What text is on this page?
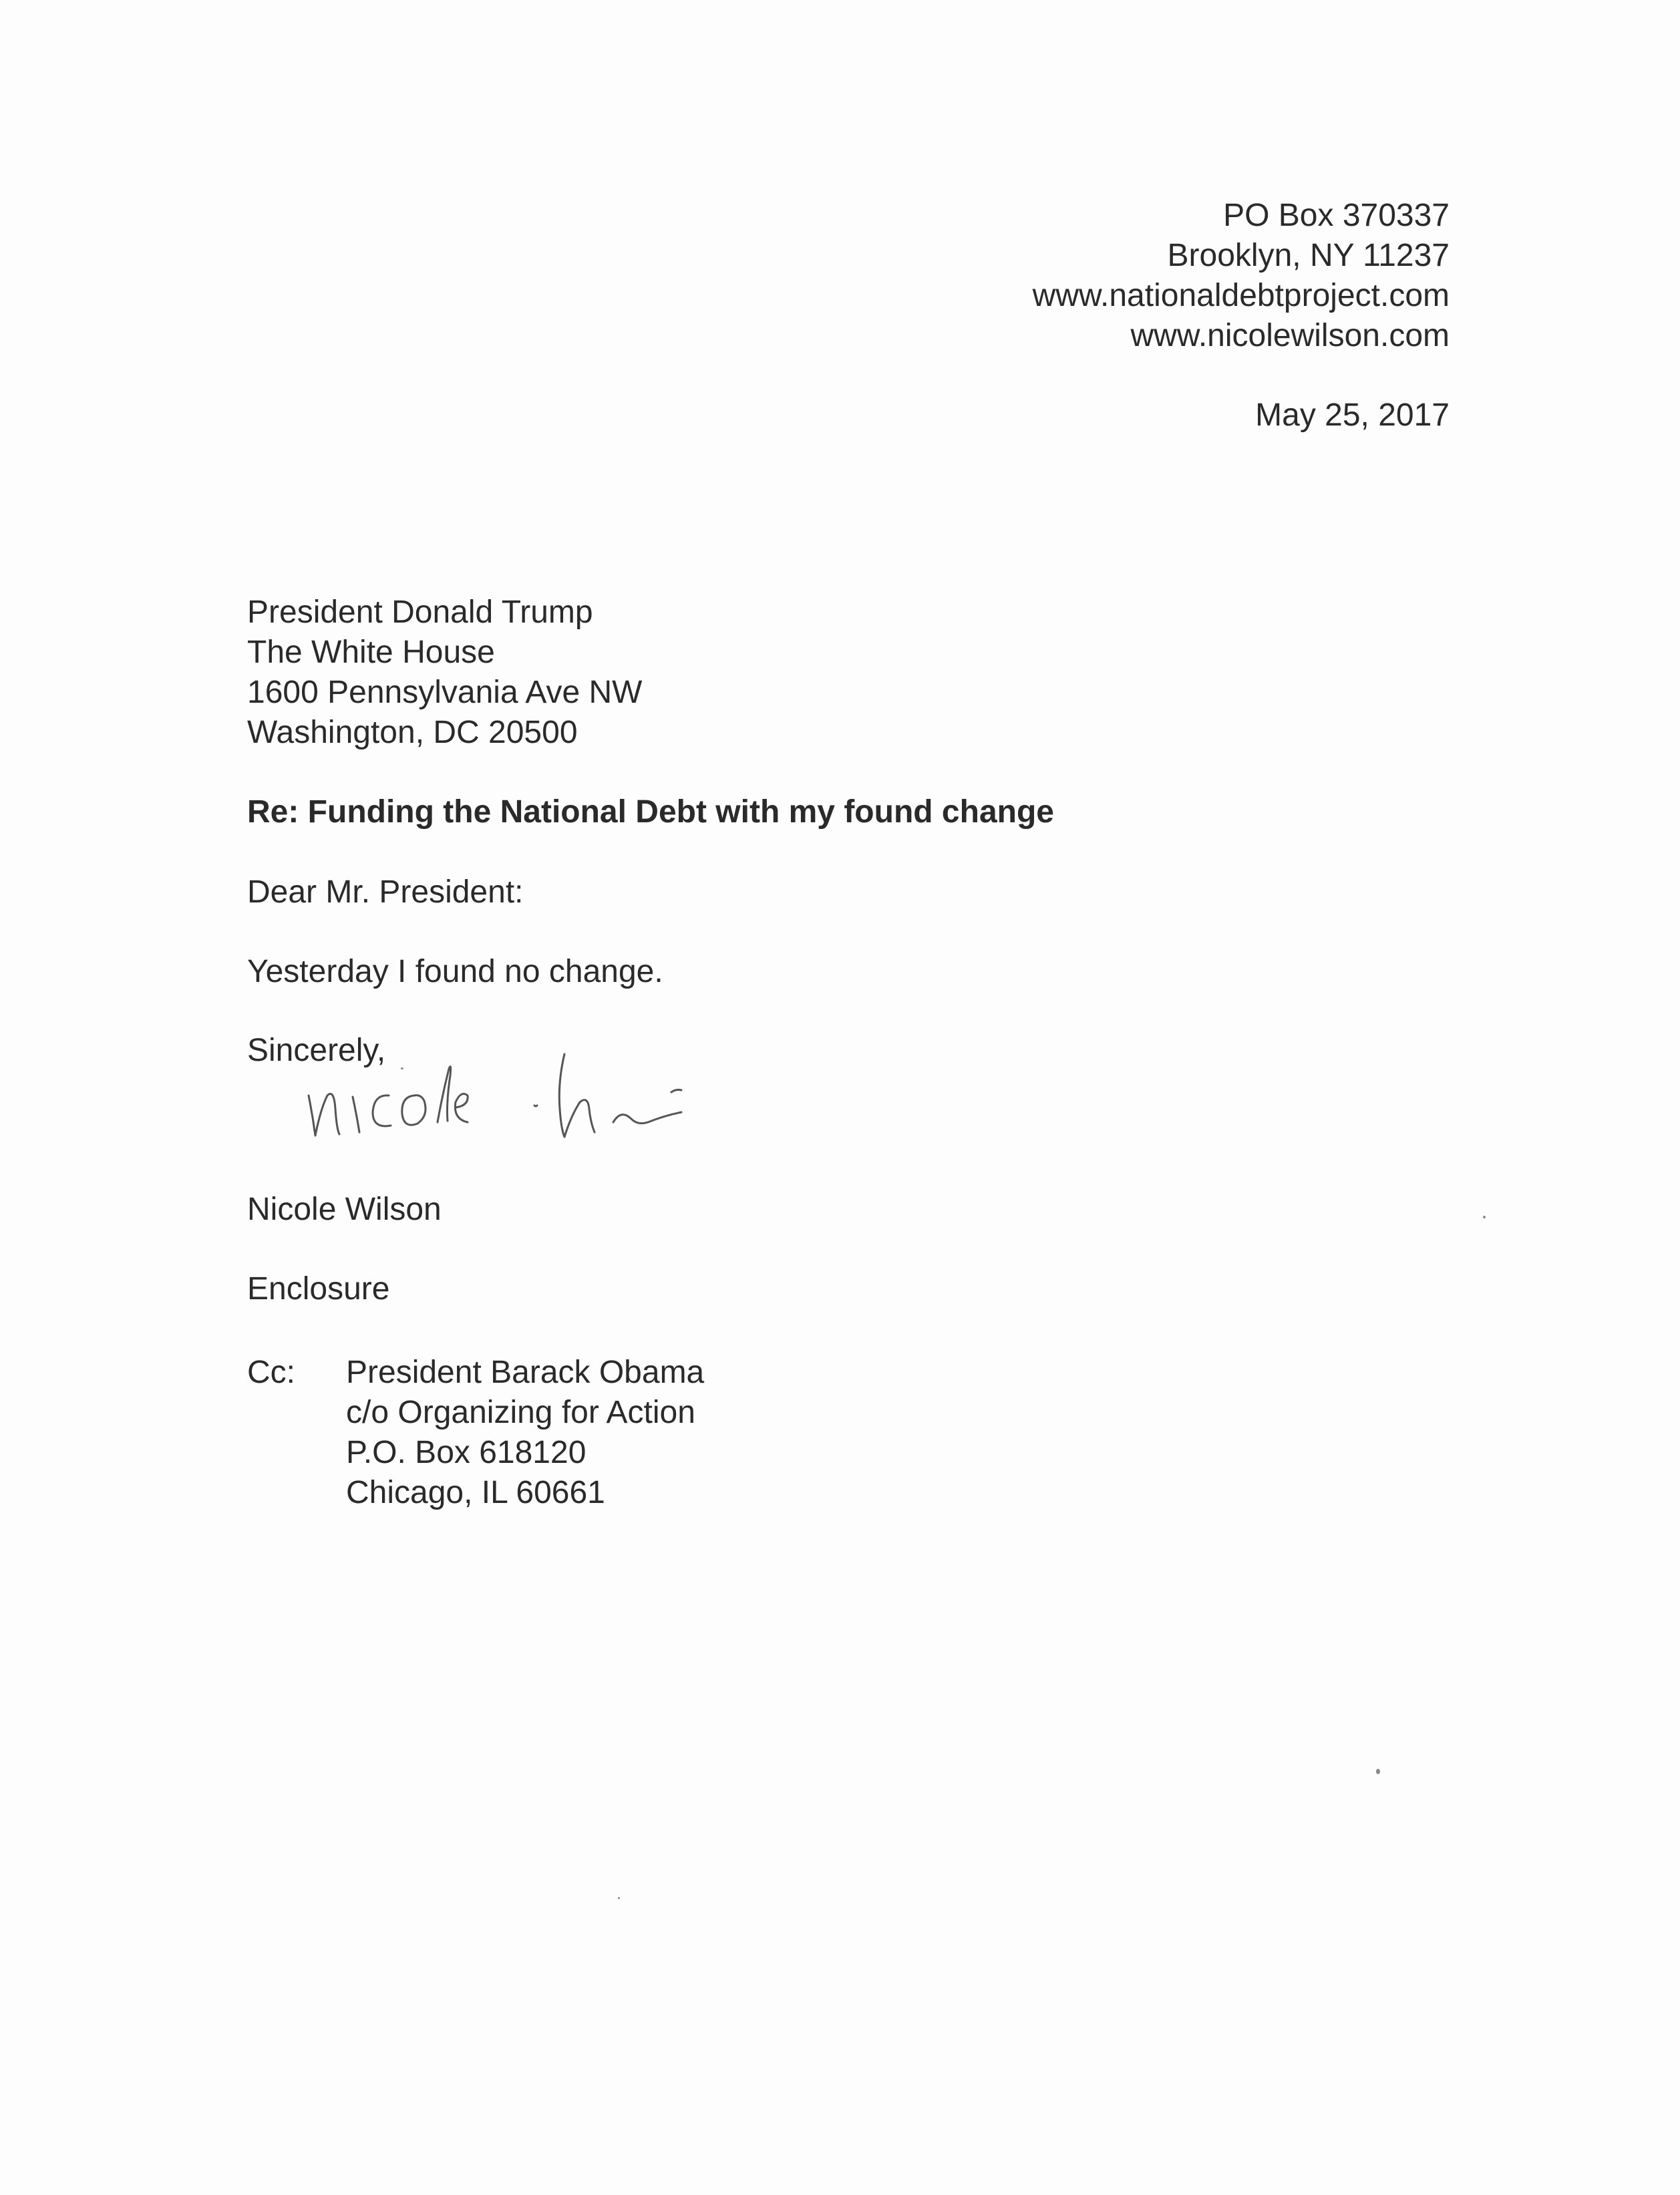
PO Box 370337
Brooklyn, NY 11237
www.nationaldebtproject.com
www.nicolewilson.com
May 25, 2017
President Donald Trump
The White House
1600 Pennsylvania Ave NW
Washington, DC 20500
Re: Funding the National Debt with my found change
Dear Mr. President:
Yesterday I found no change.
Sincerely,
Nicole Wilson
Enclosure
Cc: President Barack Obama
c/o Organizing for Action
P.O. Box 618120
Chicago, IL 60661
